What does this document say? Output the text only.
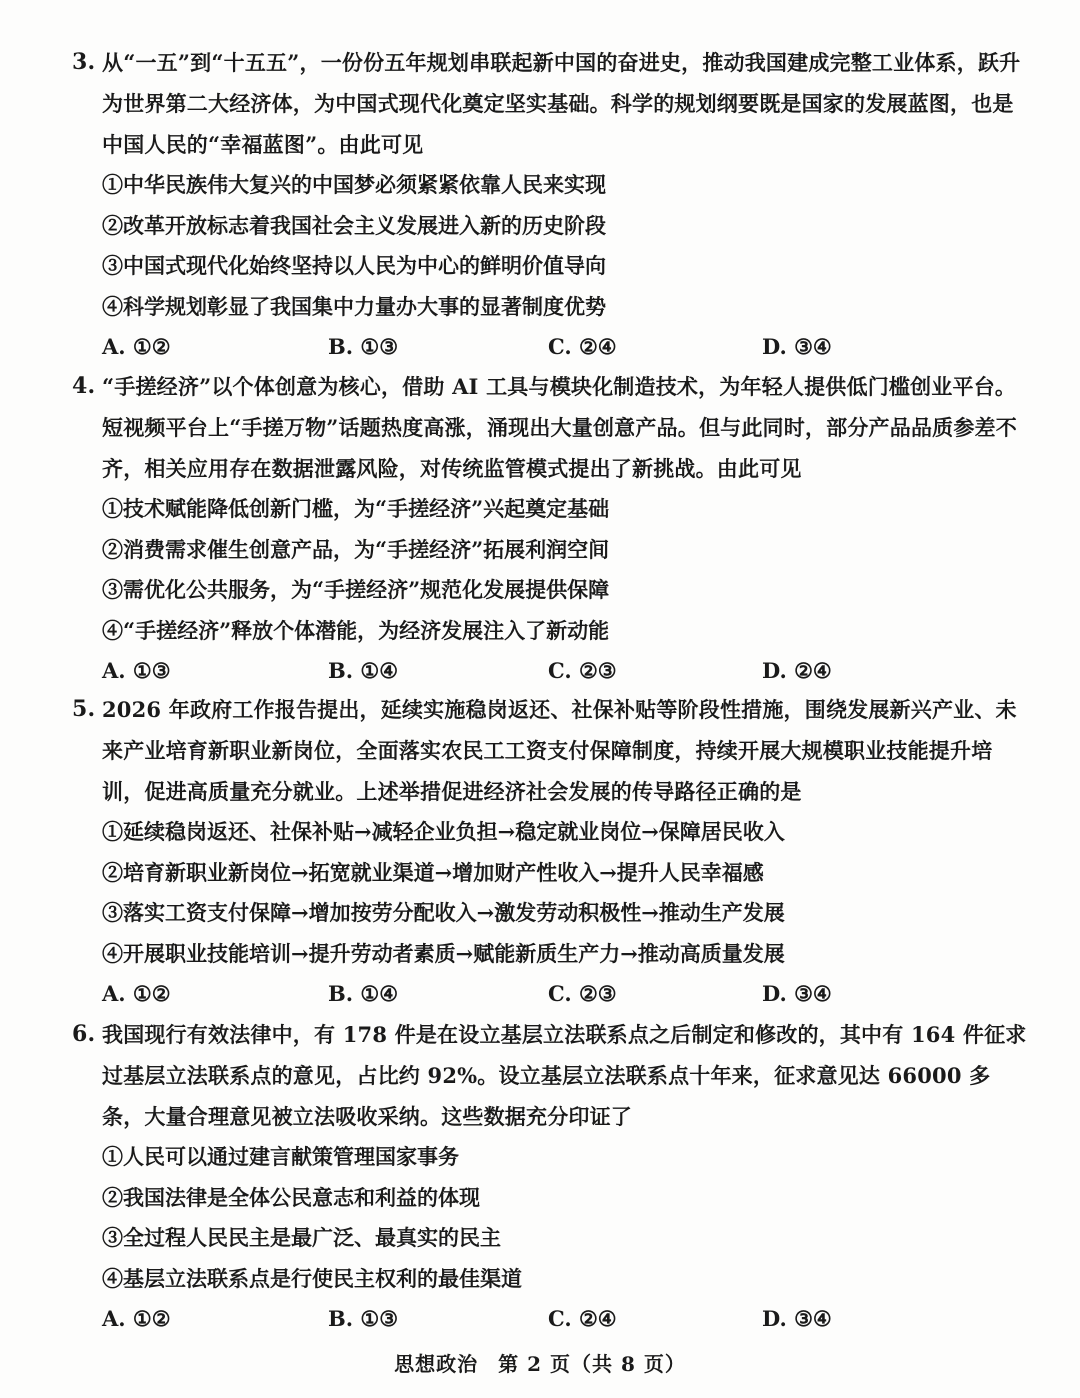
3. 从“一五”到“十五五”，一份份五年规划串联起新中国的奋进史，推动我国建成完整工业体系，跃升为世界第二大经济体，为中国式现代化奠定坚实基础。科学的规划纲要既是国家的发展蓝图，也是中国人民的“幸福蓝图”。由此可见
①中华民族伟大复兴的中国梦必须紧紧依靠人民来实现
②改革开放标志着我国社会主义发展进入新的历史阶段
③中国式现代化始终坚持以人民为中心的鲜明价值导向
④科学规划彰显了我国集中力量办大事的显著制度优势
A. ①②	B. ①③	C. ②④	D. ③④
4. “手搓经济”以个体创意为核心，借助 AI 工具与模块化制造技术，为年轻人提供低门槛创业平台。短视频平台上“手搓万物”话题热度高涨，涌现出大量创意产品。但与此同时，部分产品品质参差不齐，相关应用存在数据泄露风险，对传统监管模式提出了新挑战。由此可见
①技术赋能降低创新门槛，为“手搓经济”兴起奠定基础
②消费需求催生创意产品，为“手搓经济”拓展利润空间
③需优化公共服务，为“手搓经济”规范化发展提供保障
④“手搓经济”释放个体潜能，为经济发展注入了新动能
A. ①③	B. ①④	C. ②③	D. ②④
5. 2026 年政府工作报告提出，延续实施稳岗返还、社保补贴等阶段性措施，围绕发展新兴产业、未来产业培育新职业新岗位，全面落实农民工工资支付保障制度，持续开展大规模职业技能提升培训，促进高质量充分就业。上述举措促进经济社会发展的传导路径正确的是
①延续稳岗返还、社保补贴→减轻企业负担→稳定就业岗位→保障居民收入
②培育新职业新岗位→拓宽就业渠道→增加财产性收入→提升人民幸福感
③落实工资支付保障→增加按劳分配收入→激发劳动积极性→推动生产发展
④开展职业技能培训→提升劳动者素质→赋能新质生产力→推动高质量发展
A. ①②	B. ①④	C. ②③	D. ③④
6. 我国现行有效法律中，有 178 件是在设立基层立法联系点之后制定和修改的，其中有 164 件征求过基层立法联系点的意见，占比约 92%。设立基层立法联系点十年来，征求意见达 66000 多条，大量合理意见被立法吸收采纳。这些数据充分印证了
①人民可以通过建言献策管理国家事务
②我国法律是全体公民意志和利益的体现
③全过程人民民主是最广泛、最真实的民主
④基层立法联系点是行使民主权利的最佳渠道
A. ①②	B. ①③	C. ②④	D. ③④
思想政治 第 2 页（共 8 页）
